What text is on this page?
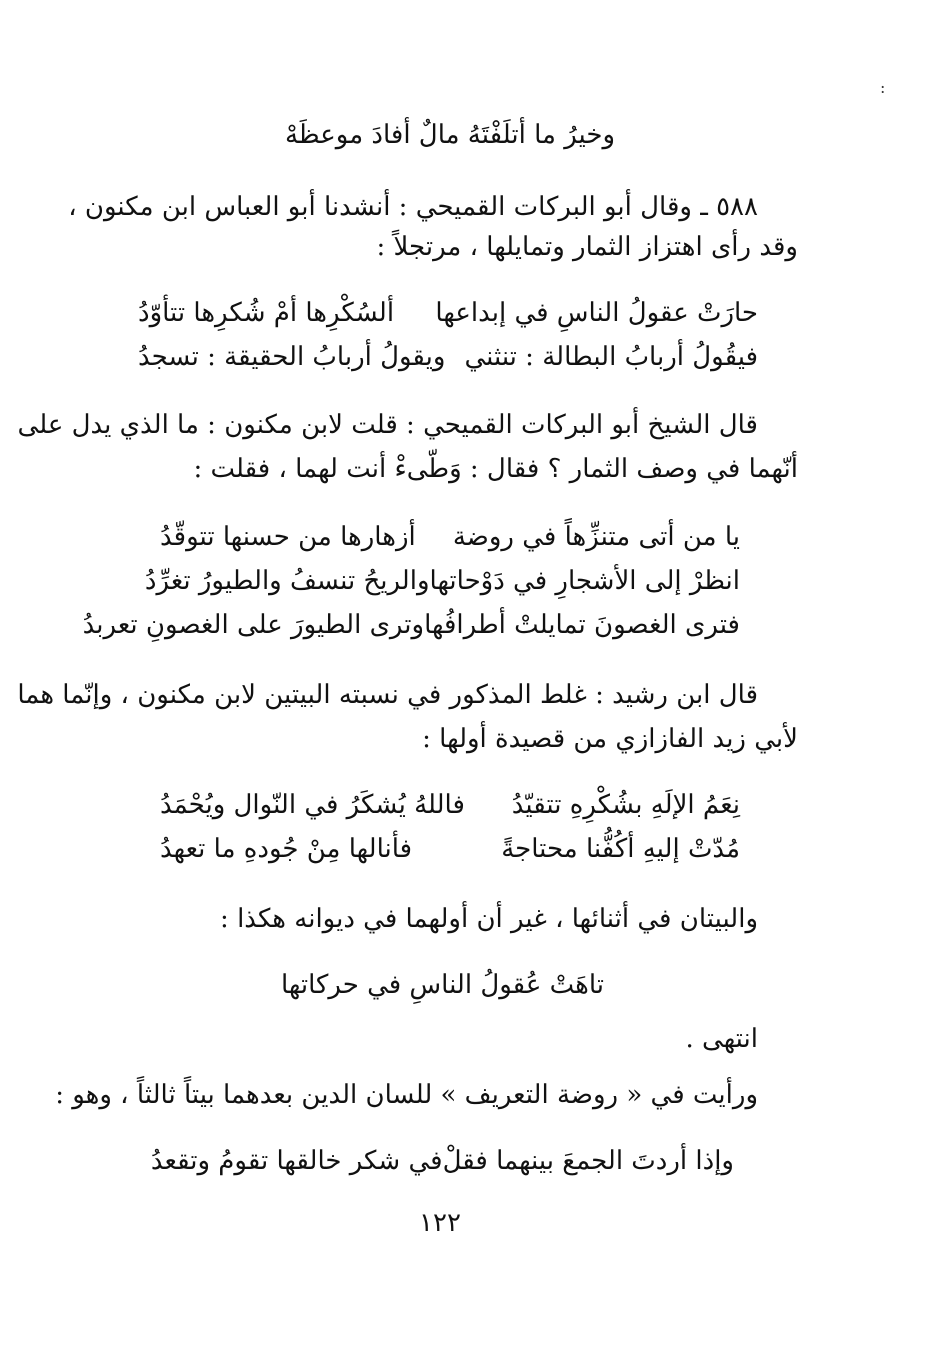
:
وخيرُ ما أتلَفْتَهُ مالٌ أفادَ موعظَهْ
٥٨٨ ـ وقال أبو البركات القميحي : أنشدنا أبو العباس ابن مكنون ،
وقد رأى اهتزاز الثمار وتمايلها ، مرتجلاً :
حارَتْ عقولُ الناسِ في إبداعها
ألسُكْرِها أمْ شُكرِها تتأوّدُ
فيقُولُ أربابُ البطالة : تنثني
ويقولُ أربابُ الحقيقة : تسجدُ
قال الشيخ أبو البركات القميحي : قلت لابن مكنون : ما الذي يدل على
أنّهما في وصف الثمار ؟ فقال : وَطّىءْ أنت لهما ، فقلت :
يا من أتى متنزِّهاً في روضة
أزهارها من حسنها تتوقّدُ
انظرْ إلى الأشجارِ في دَوْحاتها
والريحُ تنسفُ والطيورُ تغرِّدُ
فترى الغصونَ تمايلتْ أطرافُها
وترى الطيورَ على الغصونِ تعربدُ
قال ابن رشيد : غلط المذكور في نسبته البيتين لابن مكنون ، وإنّما هما
لأبي زيد الفازازي من قصيدة أولها :
نِعَمُ الإلَهِ بشُكْرِهِ تتقيّدُ
فاللهُ يُشكَرُ في النّوال ويُحْمَدُ
مُدّتْ إليهِ أكُفُّنا محتاجةً
فأنالها مِنْ جُودهِ ما تعهدُ
والبيتان في أثنائها ، غير أن أولهما في ديوانه هكذا :
تاهَتْ عُقولُ الناسِ في حركاتها
انتهى .
ورأيت في « روضة التعريف » للسان الدين بعدهما بيتاً ثالثاً ، وهو :
وإذا أردتَ الجمعَ بينهما فقلْ
في شكر خالقها تقومُ وتقعدُ
١٢٢
